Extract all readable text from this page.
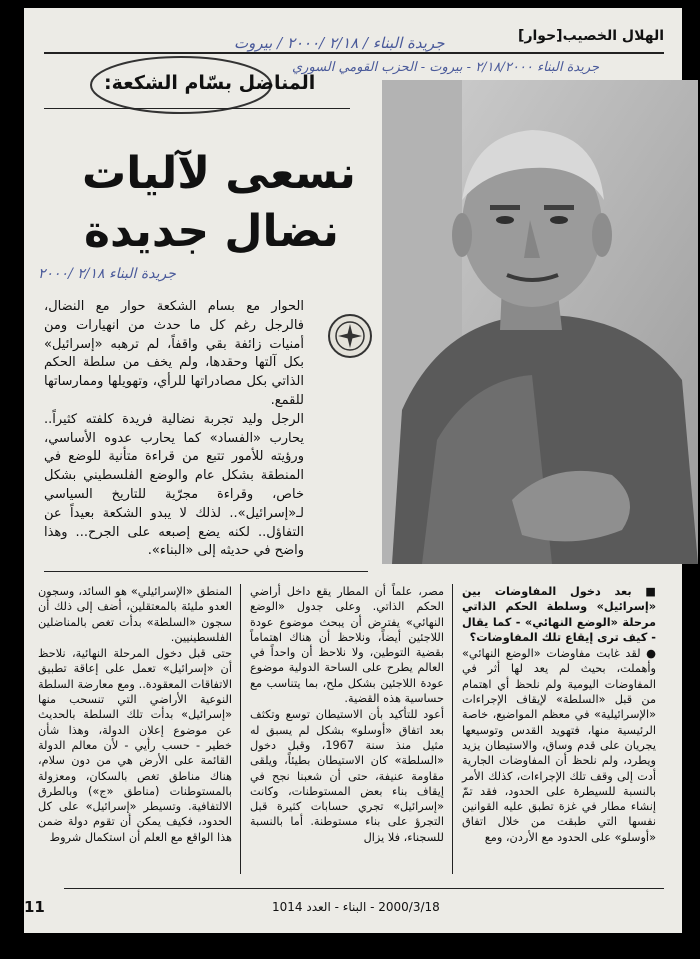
الهلال الخصيب[حوار]
جريدة البناء / ٢/١٨ /٢٠٠٠ / بيروت
جريدة البناء ٢/١٨/٢٠٠٠ - بيروت - الحزب القومي السوري
المناضل بسّام الشكعة:
نسعى لآليات
نضال جديدة
جريدة البناء ٢/١٨ /٢٠٠٠
الحوار مع بسام الشكعة حوار مع النضال، فالرجل رغم كل ما حدث من انهيارات ومن أمنيات زائفة بقي واقفاً، لم ترهبه «إسرائيل» بكل آلتها وحقدها، ولم يخف من سلطة الحكم الذاتي بكل مصادراتها للرأي، وتهويلها وممارساتها للقمع.
الرجل وليد تجربة نضالية فريدة كلفته كثيراً.. يحارب «الفساد» كما يحارب عدوه الأساسي، ورؤيته للأمور تتبع من قراءة متأنية للوضع في المنطقة بشكل عام والوضع الفلسطيني بشكل خاص، وقراءة مجرّية للتاريخ السياسي لـ«إسرائيل».. لذلك لا يبدو الشكعة بعيداً عن التفاؤل.. لكنه يضع إصبعه على الجرح... وهذا واضح في حديثه إلى «البناء».

■ بعد دخول المفاوضات بين «إسرائيل» وسلطة الحكم الذاتي مرحلة «الوضع النهائي» - كما يقال - كيف ترى إيقاع تلك المفاوضات؟

● لقد غابت مفاوضات «الوضع النهائي» وأهملت، بحيث لم يعد لها أثر في المفاوضات اليومية ولم نلحظ أي اهتمام من قبل «السلطة» لإيقاف الإجراءات «الإسرائيلية» في معظم المواضيع، خاصة الرئيسية منها، فتهويد القدس وتوسيعها يجريان على قدم وساق، والاستيطان يزيد ويطرد، ولم نلحظ أن المفاوضات الجارية أدت إلى وقف تلك الإجراءات، كذلك الأمر بالنسبة للسيطرة على الحدود، فقد تمّ إنشاء مطار في غزة تطبق عليه القوانين نفسها التي طبقت من خلال اتفاق «أوسلو» على الحدود مع الأردن، ومع

مصر، علماً أن المطار يقع داخل أراضي الحكم الذاتي. وعلى جدول «الوضع النهائي» يفترض أن يبحث موضوع عودة اللاجئين أيضاً، ونلاحظ أن هناك اهتماماً بقضية التوطين، ولا نلاحظ أن واحداً في العالم يطرح على الساحة الدولية موضوع عودة اللاجئين بشكل ملح، بما يتناسب مع حساسية هذه القضية.

أعود للتأكيد بأن الاستيطان توسع وتكثف بعد اتفاق «أوسلو» بشكل لم يسبق له مثيل منذ سنة 1967، وقبل دخول «السلطة» كان الاستيطان بطيئاً، ويلقى مقاومة عنيفة، حتى أن شعبنا نجح في إيقاف بناء بعض المستوطنات، وكانت «إسرائيل» تجري حسابات كثيرة قبل التجرؤ على بناء مستوطنة. أما بالنسبة للسجناء، فلا يزال

المنطق «الإسرائيلي» هو السائد، وسجون العدو مليئة بالمعتقلين، أضف إلى ذلك أن سجون «السلطة» بدأت تغص بالمناضلين الفلسطينيين.

حتى قبل دخول المرحلة النهائية، نلاحظ أن «إسرائيل» تعمل على إعاقة تطبيق الاتفاقات المعقودة.. ومع معارضة السلطة النوعية الأراضي التي تنسحب منها «إسرائيل» بدأت تلك السلطة بالحديث عن موضوع إعلان الدولة، وهذا شأن خطير - حسب رأيي - لأن معالم الدولة القائمة على الأرض هي من دون سلام، هناك مناطق تغص بالسكان، ومعزولة بالمستوطنات (مناطق «ج») وبالطرق الالتفافية. وتسيطر «إسرائيل» على كل الحدود، فكيف يمكن أن تقوم دولة ضمن هذا الواقع مع العلم أن استكمال شروط

11	2000/3/18 - البناء - العدد 1014
